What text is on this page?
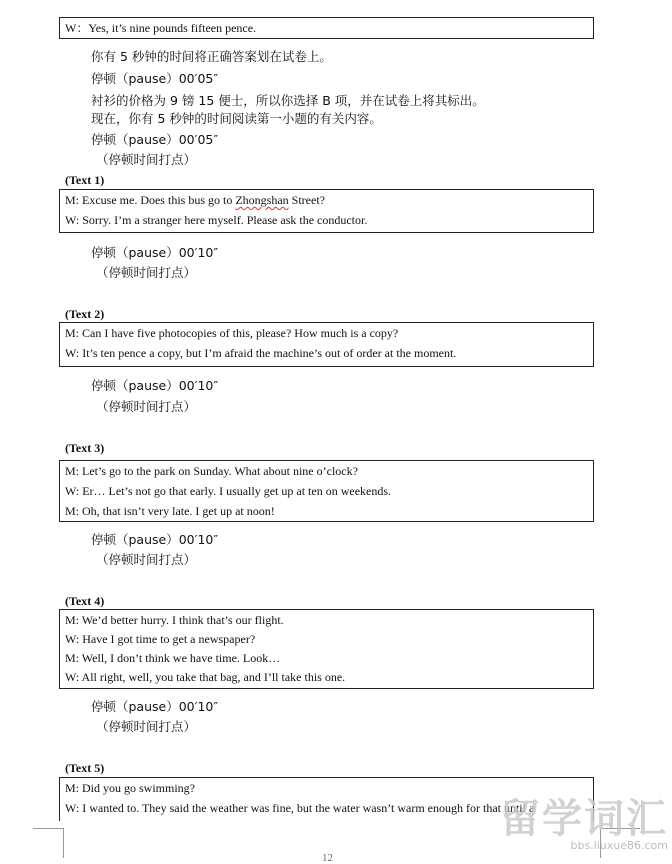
W：Yes, it’s nine pounds fifteen pence.
你有 5 秒钟的时间将正确答案划在试卷上。
停顿（pause）00′05″
衬衫的价格为 9 镑 15 便士，所以你选择 B 项，并在试卷上将其标出。
现在，你有 5 秒钟的时间阅读第一小题的有关内容。
停顿（pause）00′05″
（停顿时间打点）
(Text 1)
M: Excuse me. Does this bus go to Zhongshan Street?
W: Sorry. I’m a stranger here myself. Please ask the conductor.
停顿（pause）00′10″
（停顿时间打点）
(Text 2)
M: Can I have five photocopies of this, please? How much is a copy?
W: It’s ten pence a copy, but I’m afraid the machine’s out of order at the moment.
停顿（pause）00′10″
（停顿时间打点）
(Text 3)
M: Let’s go to the park on Sunday. What about nine o’clock?
W: Er… Let’s not go that early. I usually get up at ten on weekends.
M: Oh, that isn’t very late. I get up at noon!
停顿（pause）00′10″
（停顿时间打点）
(Text 4)
M: We’d better hurry. I think that’s our flight.
W: Have I got time to get a newspaper?
M: Well, I don’t think we have time. Look…
W: All right, well, you take that bag, and I’ll take this one.
停顿（pause）00′10″
（停顿时间打点）
(Text 5)
M: Did you go swimming?
W: I wanted to. They said the weather was fine, but the water wasn’t warm enough for that until a
12
留学词汇
bbs.liuxue86.com
